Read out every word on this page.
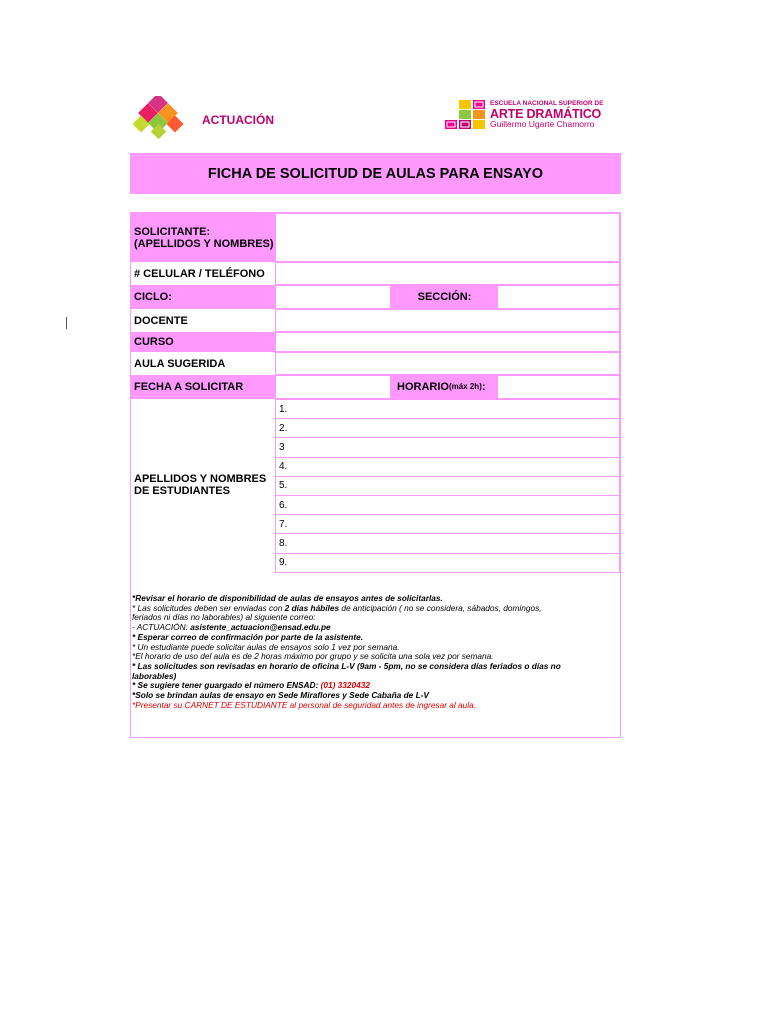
ACTUACIÓN
ESCUELA NACIONAL SUPERIOR DE
ARTE DRAMÁTICO
Guillermo Ugarte Chamorro
FICHA DE SOLICITUD DE AULAS PARA ENSAYO
SOLICITANTE:
(APELLIDOS Y NOMBRES)
# CELULAR / TELÉFONO
CICLO:	SECCIÓN:
DOCENTE
CURSO
AULA SUGERIDA
FECHA A SOLICITAR	HORARIO (máx 2h) :
APELLIDOS Y NOMBRES
DE ESTUDIANTES
1.
2.
3
4.
5.
6.
7.
8.
9.
*Revisar el horario de disponibilidad de aulas de ensayos antes de solicitarlas.
* Las solicitudes deben ser enviadas con 2 días hábiles de anticipación ( no se considera, sábados, domingos,
feriados ni días no laborables) al siguiente correo:
- ACTUACIÓN: asistente_actuacion@ensad.edu.pe
* Esperar correo de confirmación por parte de la asistente.
* Un estudiante puede solicitar aulas de ensayos solo 1 vez por semana.
*El horario de uso del aula es de 2 horas máximo por grupo y se solicita una sola vez por semana.
* Las solicitudes son revisadas en horario de oficina L-V (9am - 5pm, no se considera días feriados o días no
laborables)
* Se sugiere tener guargado el número ENSAD: (01) 3320432
*Solo se brindan aulas de ensayo en Sede Miraflores y Sede Cabaña de L-V
*Presentar su CARNET DE ESTUDIANTE al personal de seguridad antes de ingresar al aula.
